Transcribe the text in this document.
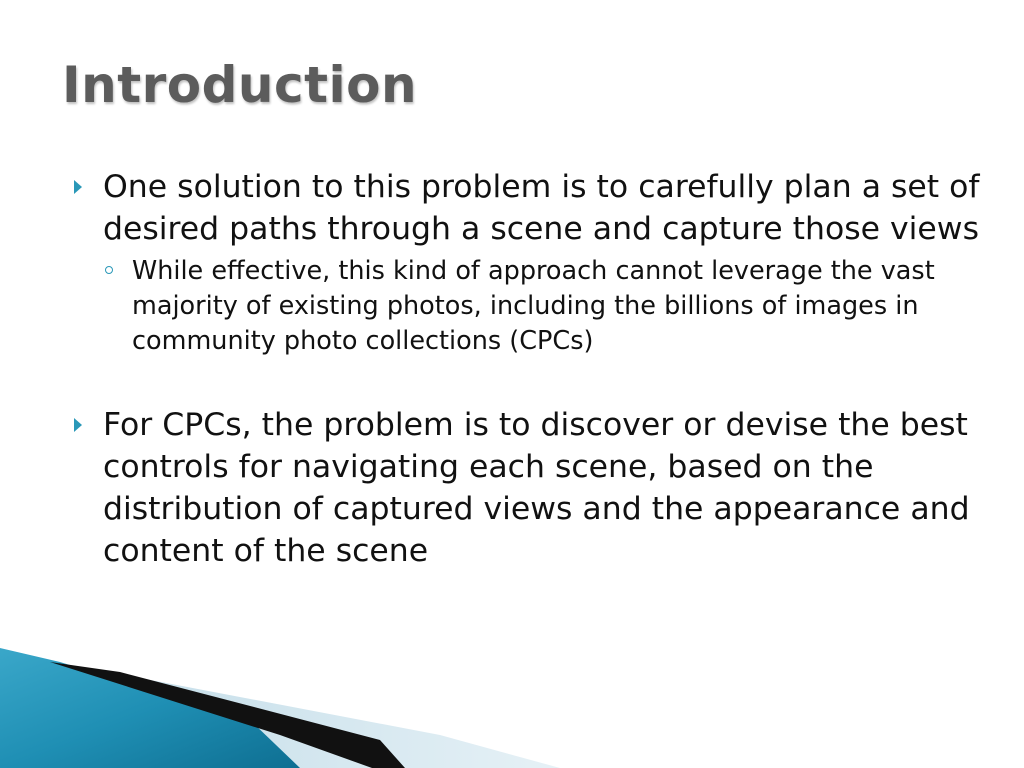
Introduction
One solution to this problem is to carefully plan a set of desired paths through a scene and capture those views
While effective, this kind of approach cannot leverage the vast majority of existing photos, including the billions of images in community photo collections (CPCs)
For CPCs, the problem is to discover or devise the best controls for navigating each scene, based on the distribution of captured views and the appearance and content of the scene
